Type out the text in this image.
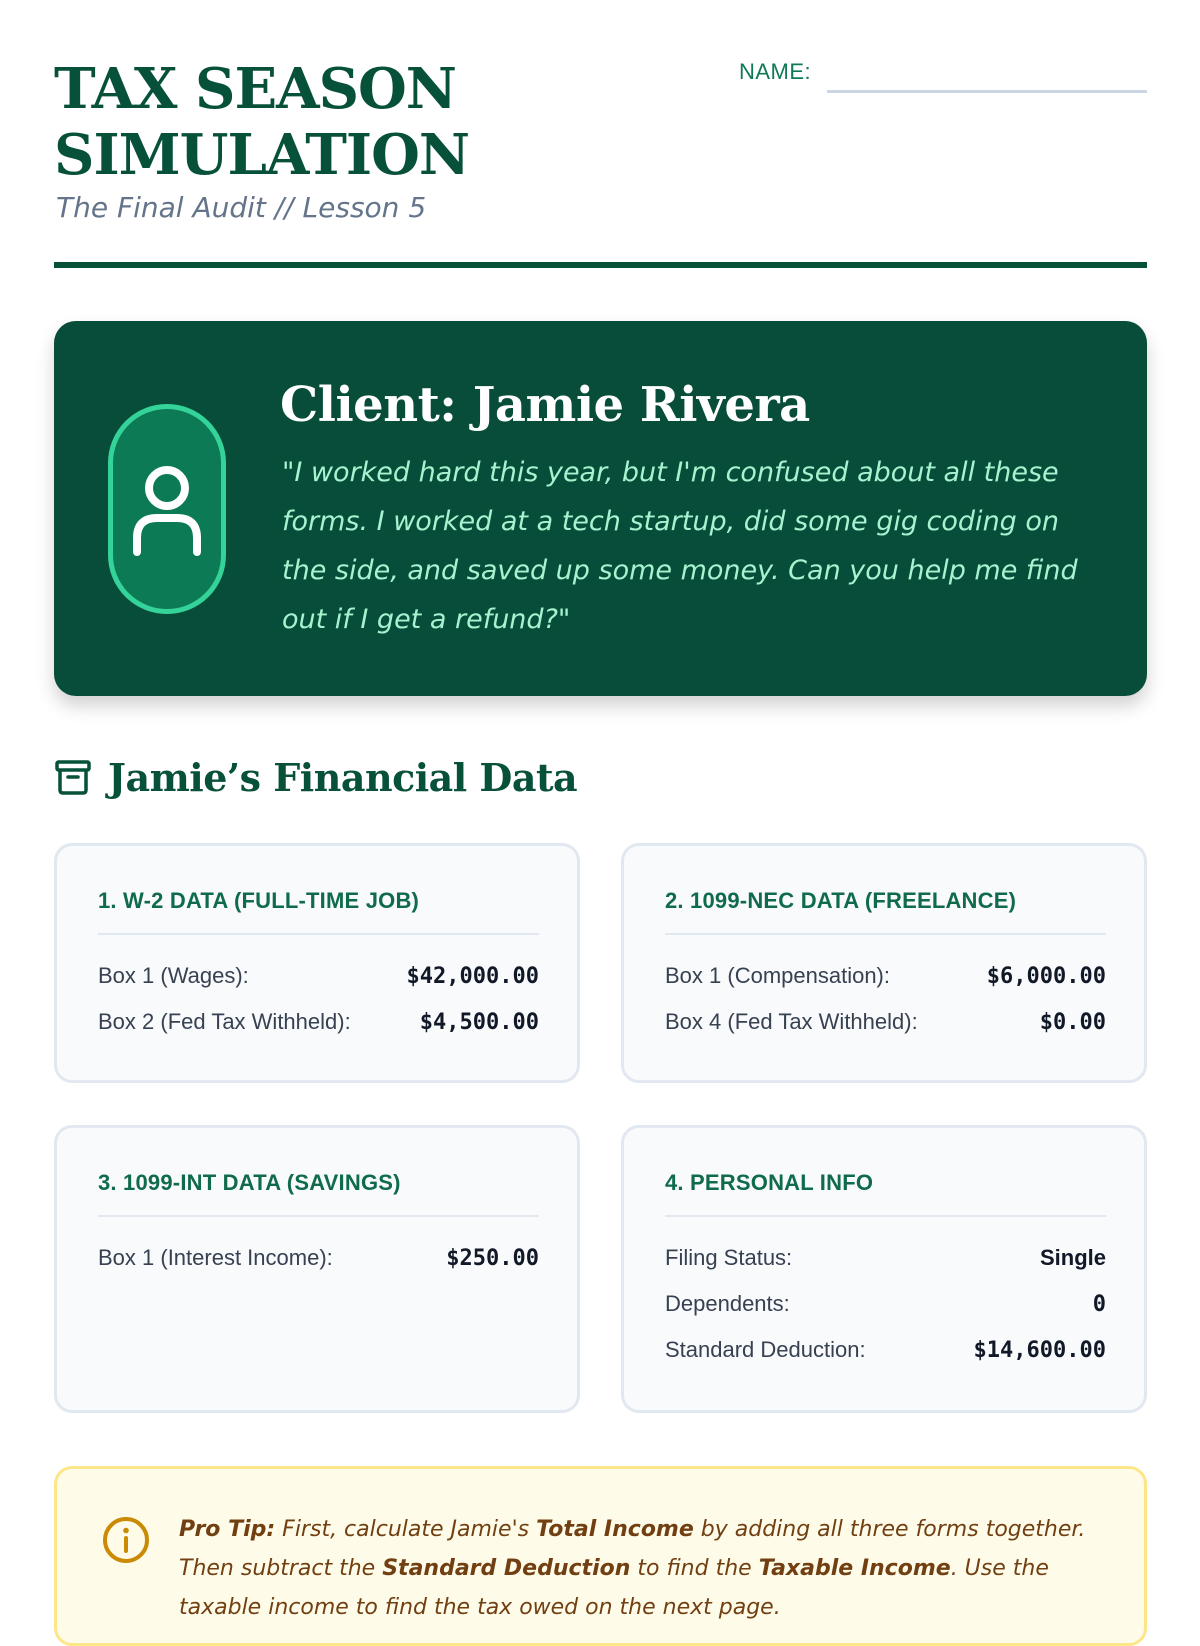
TAX SEASON
SIMULATION
The Final Audit // Lesson 5
NAME:
Client: Jamie Rivera
"I worked hard this year, but I'm confused about all these forms. I worked at a tech startup, did some gig coding on the side, and saved up some money. Can you help me find out if I get a refund?"
Jamie’s Financial Data
1. W-2 DATA (FULL-TIME JOB)
Box 1 (Wages):	$42,000.00
Box 2 (Fed Tax Withheld):	$4,500.00
2. 1099-NEC DATA (FREELANCE)
Box 1 (Compensation):	$6,000.00
Box 4 (Fed Tax Withheld):	$0.00
3. 1099-INT DATA (SAVINGS)
Box 1 (Interest Income):	$250.00
4. PERSONAL INFO
Filing Status:	Single
Dependents:	0
Standard Deduction:	$14,600.00
Pro Tip: First, calculate Jamie's Total Income by adding all three forms together. Then subtract the Standard Deduction to find the Taxable Income. Use the taxable income to find the tax owed on the next page.
